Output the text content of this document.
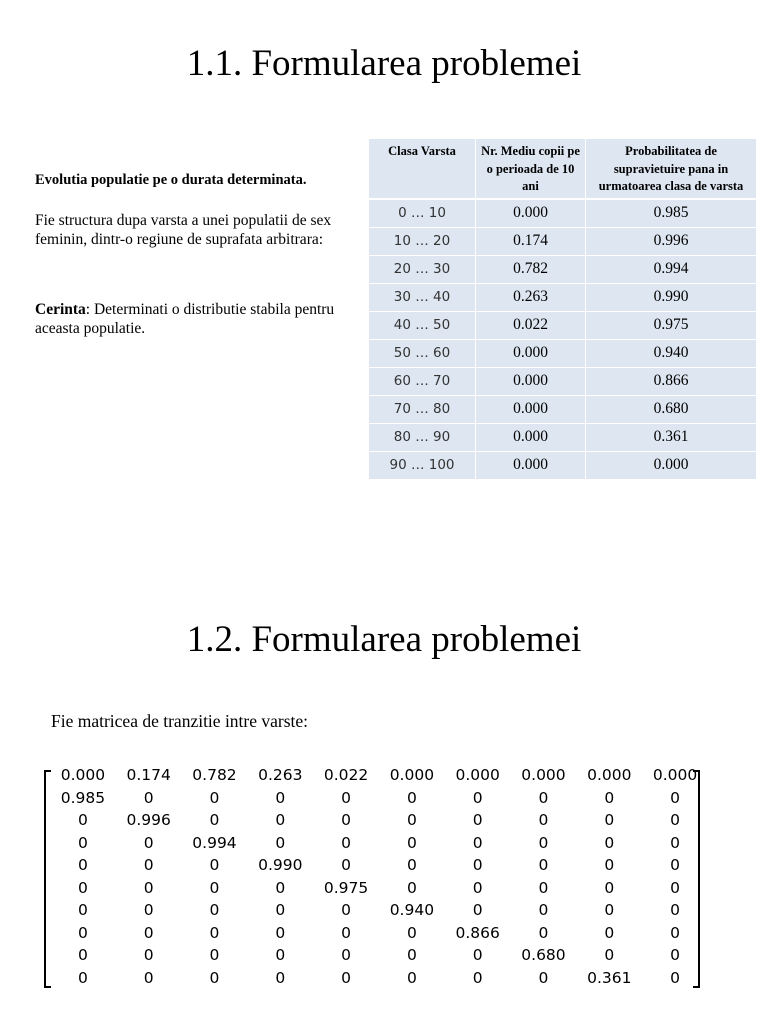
1.1. Formularea problemei
Evolutia populatie pe o durata determinata.
Fie structura dupa varsta a unei populatii de sex feminin, dintr-o regiune de suprafata arbitrara:
Cerinta: Determinati o distributie stabila pentru aceasta populatie.
Clasa Varsta	Nr. Mediu copii pe o perioada de 10 ani	Probabilitatea de supravietuire pana in urmatoarea clasa de varsta
0 … 10	0.000	0.985
10 … 20	0.174	0.996
20 … 30	0.782	0.994
30 … 40	0.263	0.990
40 … 50	0.022	0.975
50 … 60	0.000	0.940
60 … 70	0.000	0.866
70 … 80	0.000	0.680
80 … 90	0.000	0.361
90 … 100	0.000	0.000
1.2. Formularea problemei
Fie matricea de tranzitie intre varste:
0.000	0.174	0.782	0.263	0.022	0.000	0.000	0.000	0.000	0.000
0.985	0	0	0	0	0	0	0	0	0
0	0.996	0	0	0	0	0	0	0	0
0	0	0.994	0	0	0	0	0	0	0
0	0	0	0.990	0	0	0	0	0	0
0	0	0	0	0.975	0	0	0	0	0
0	0	0	0	0	0.940	0	0	0	0
0	0	0	0	0	0	0.866	0	0	0
0	0	0	0	0	0	0	0.680	0	0
0	0	0	0	0	0	0	0	0.361	0
